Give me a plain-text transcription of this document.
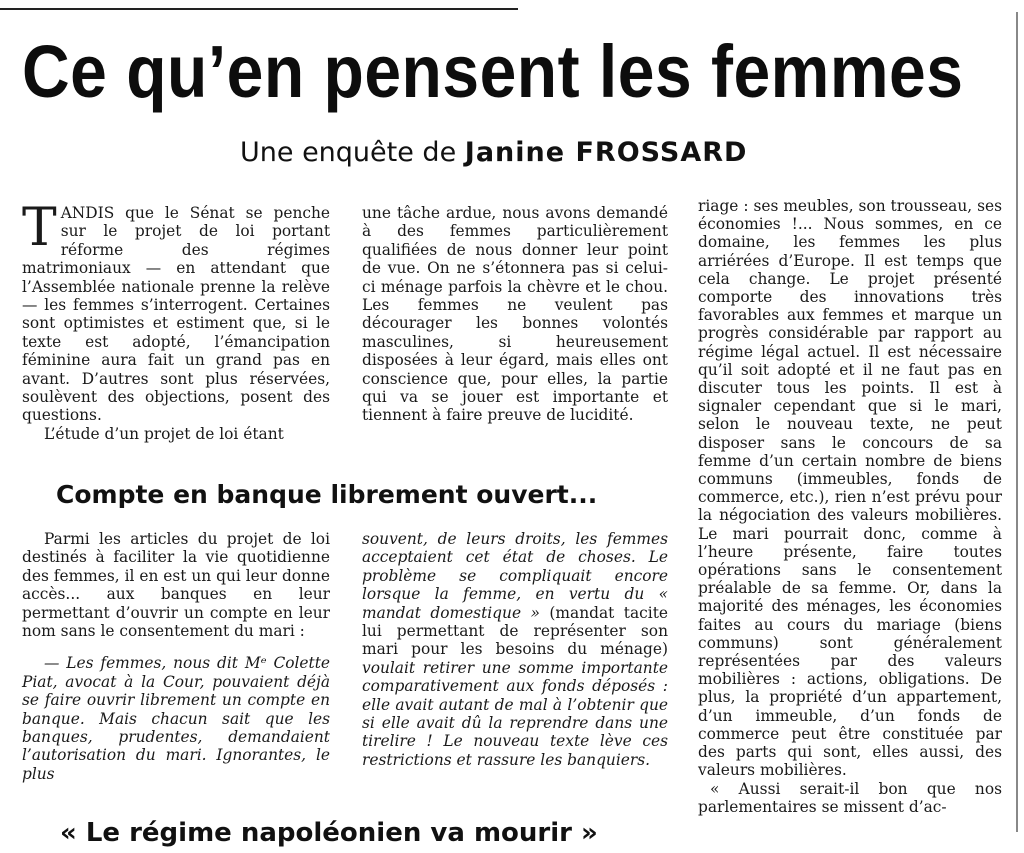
Ce qu’en pensent les femmes
Une enquête de Janine FROSSARD

TANDIS que le Sénat se penche sur le projet de loi portant réforme des régimes matrimoniaux — en attendant que l’Assemblée nationale prenne la relève — les femmes s’interrogent. Certaines sont optimistes et estiment que, si le texte est adopté, l’émancipation féminine aura fait un grand pas en avant. D’autres sont plus réservées, soulèvent des objections, posent des questions.

L’étude d’un projet de loi étant

une tâche ardue, nous avons demandé à des femmes particulièrement qualifiées de nous donner leur point de vue. On ne s’étonnera pas si celui-ci ménage parfois la chèvre et le chou. Les femmes ne veulent pas décourager les bonnes volontés masculines, si heureusement disposées à leur égard, mais elles ont conscience que, pour elles, la partie qui va se jouer est importante et tiennent à faire preuve de lucidité.

Compte en banque librement ouvert...

Parmi les articles du projet de loi destinés à faciliter la vie quotidienne des femmes, il en est un qui leur donne accès... aux banques en leur permettant d’ouvrir un compte en leur nom sans le consentement du mari :

— Les femmes, nous dit Mᵉ Colette Piat, avocat à la Cour, pouvaient déjà se faire ouvrir librement un compte en banque. Mais chacun sait que les banques, prudentes, demandaient l’autorisation du mari. Ignorantes, le plus

souvent, de leurs droits, les femmes acceptaient cet état de choses. Le problème se compliquait encore lorsque la femme, en vertu du « mandat domestique » (mandat tacite lui permettant de représenter son mari pour les besoins du ménage) voulait retirer une somme importante comparativement aux fonds déposés : elle avait autant de mal à l’obtenir que si elle avait dû la reprendre dans une tirelire ! Le nouveau texte lève ces restrictions et rassure les banquiers.

« Le régime napoléonien va mourir »

riage : ses meubles, son trousseau, ses économies !... Nous sommes, en ce domaine, les femmes les plus arriérées d’Europe. Il est temps que cela change. Le projet présenté comporte des innovations très favorables aux femmes et marque un progrès considérable par rapport au régime légal actuel. Il est nécessaire qu’il soit adopté et il ne faut pas en discuter tous les points. Il est à signaler cependant que si le mari, selon le nouveau texte, ne peut disposer sans le concours de sa femme d’un certain nombre de biens communs (immeubles, fonds de commerce, etc.), rien n’est prévu pour la négociation des valeurs mobilières. Le mari pourrait donc, comme à l’heure présente, faire toutes opérations sans le consentement préalable de sa femme. Or, dans la majorité des ménages, les économies faites au cours du mariage (biens communs) sont généralement représentées par des valeurs mobilières : actions, obligations. De plus, la propriété d’un appartement, d’un immeuble, d’un fonds de commerce peut être constituée par des parts qui sont, elles aussi, des valeurs mobilières.

« Aussi serait-il bon que nos parlementaires se missent d’ac-
